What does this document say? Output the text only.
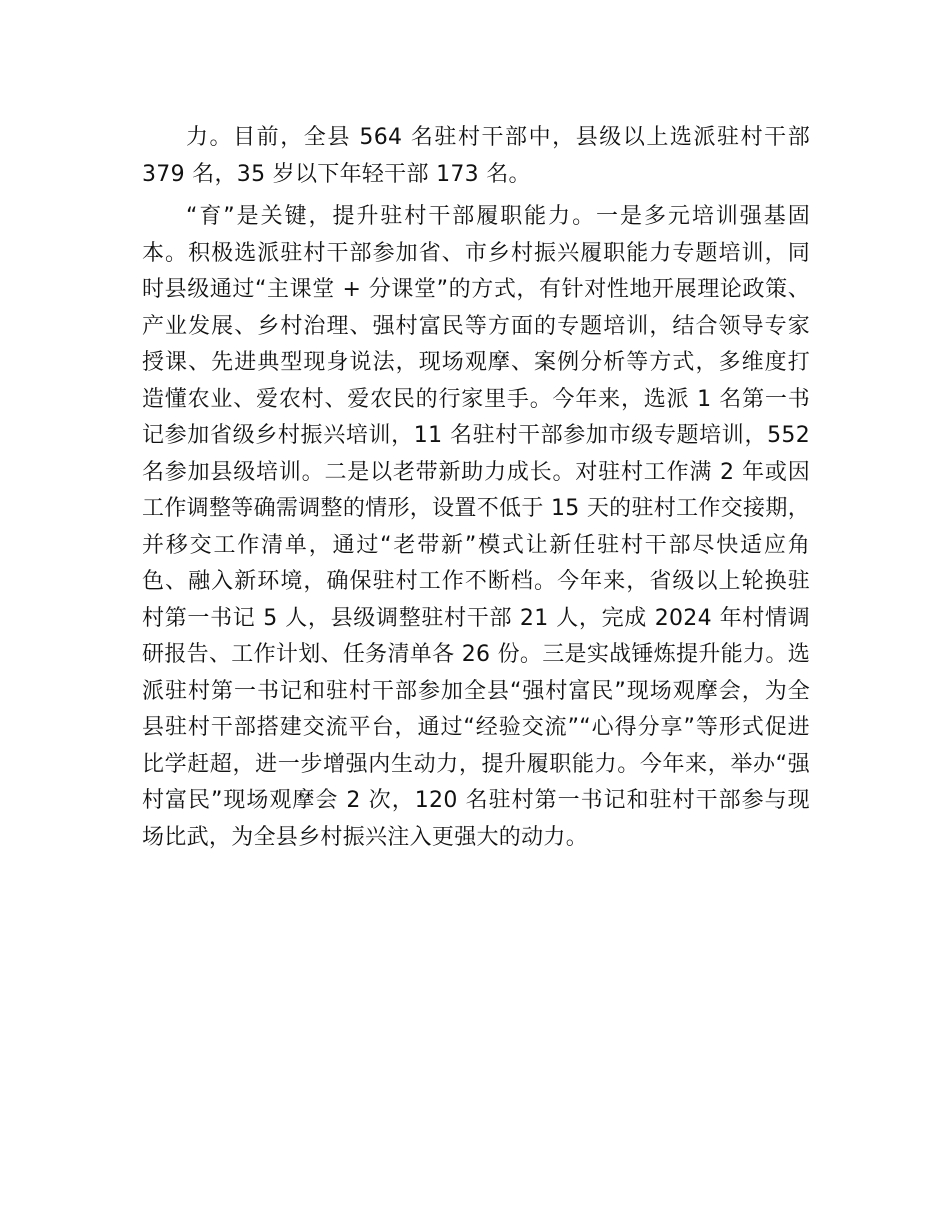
力。目前，全县 564 名驻村干部中，县级以上选派驻村干部 379 名，35 岁以下年轻干部 173 名。

“育”是关键，提升驻村干部履职能力。一是多元培训强基固本。积极选派驻村干部参加省、市乡村振兴履职能力专题培训，同时县级通过“主课堂 + 分课堂”的方式，有针对性地开展理论政策、产业发展、乡村治理、强村富民等方面的专题培训，结合领导专家授课、先进典型现身说法，现场观摩、案例分析等方式，多维度打造懂农业、爱农村、爱农民的行家里手。今年来，选派 1 名第一书记参加省级乡村振兴培训，11 名驻村干部参加市级专题培训，552 名参加县级培训。二是以老带新助力成长。对驻村工作满 2 年或因工作调整等确需调整的情形，设置不低于 15 天的驻村工作交接期，并移交工作清单，通过“老带新”模式让新任驻村干部尽快适应角色、融入新环境，确保驻村工作不断档。今年来，省级以上轮换驻村第一书记 5 人，县级调整驻村干部 21 人，完成 2024 年村情调研报告、工作计划、任务清单各 26 份。三是实战锤炼提升能力。选派驻村第一书记和驻村干部参加全县“强村富民”现场观摩会，为全县驻村干部搭建交流平台，通过“经验交流”“心得分享”等形式促进比学赶超，进一步增强内生动力，提升履职能力。今年来，举办“强村富民”现场观摩会 2 次，120 名驻村第一书记和驻村干部参与现场比武，为全县乡村振兴注入更强大的动力。
